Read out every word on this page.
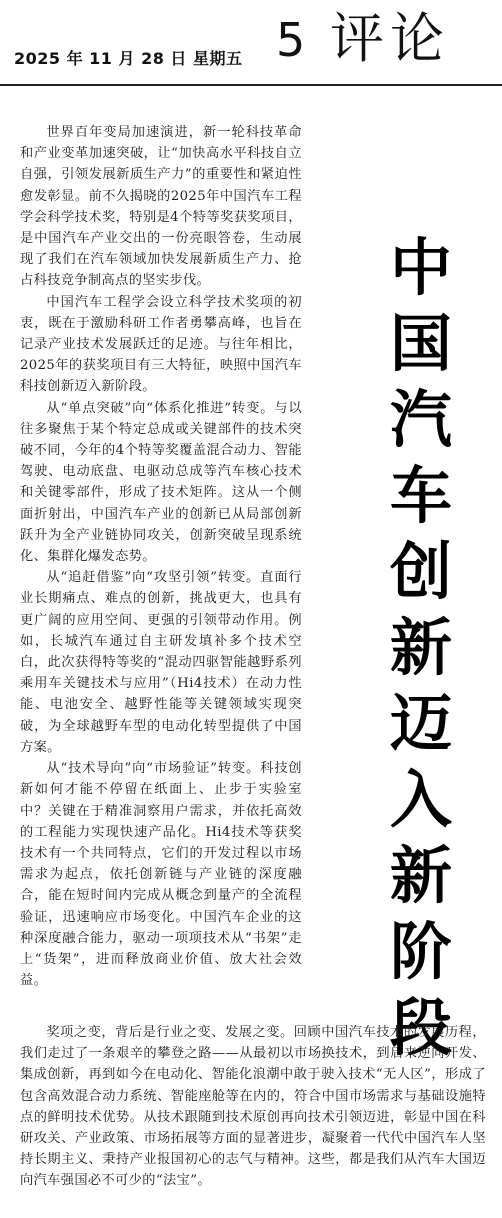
2025 年 11 月 28 日 星期五 5 评论
中国汽车创新迈入新阶段

世界百年变局加速演进，新一轮科技革命和产业变革加速突破，让“加快高水平科技自立自强，引领发展新质生产力”的重要性和紧迫性愈发彰显。前不久揭晓的2025年中国汽车工程学会科学技术奖，特别是4个特等奖获奖项目，是中国汽车产业交出的一份亮眼答卷，生动展现了我们在汽车领域加快发展新质生产力、抢占科技竞争制高点的坚实步伐。

中国汽车工程学会设立科学技术奖项的初衷，既在于激励科研工作者勇攀高峰，也旨在记录产业技术发展跃迁的足迹。与往年相比，2025年的获奖项目有三大特征，映照中国汽车科技创新迈入新阶段。

从“单点突破”向“体系化推进”转变。与以往多聚焦于某个特定总成或关键部件的技术突破不同，今年的4个特等奖覆盖混合动力、智能驾驶、电动底盘、电驱动总成等汽车核心技术和关键零部件，形成了技术矩阵。这从一个侧面折射出，中国汽车产业的创新已从局部创新跃升为全产业链协同攻关，创新突破呈现系统化、集群化爆发态势。

从“追赶借鉴”向“攻坚引领”转变。直面行业长期痛点、难点的创新，挑战更大，也具有更广阔的应用空间、更强的引领带动作用。例如，长城汽车通过自主研发填补多个技术空白，此次获得特等奖的“混动四驱智能越野系列乘用车关键技术与应用”（Hi4技术）在动力性能、电池安全、越野性能等关键领域实现突破，为全球越野车型的电动化转型提供了中国方案。

从“技术导向”向“市场验证”转变。科技创新如何才能不停留在纸面上、止步于实验室中？关键在于精准洞察用户需求，并依托高效的工程能力实现快速产品化。Hi4技术等获奖技术有一个共同特点，它们的开发过程以市场需求为起点，依托创新链与产业链的深度融合，能在短时间内完成从概念到量产的全流程验证，迅速响应市场变化。中国汽车企业的这种深度融合能力，驱动一项项技术从“书架”走上“货架”，进而释放商业价值、放大社会效益。

奖项之变，背后是行业之变、发展之变。回顾中国汽车技术的发展历程，我们走过了一条艰辛的攀登之路——从最初以市场换技术，到后来逆向开发、集成创新，再到如今在电动化、智能化浪潮中敢于驶入技术“无人区”，形成了包含高效混合动力系统、智能座舱等在内的，符合中国市场需求与基础设施特点的鲜明技术优势。从技术跟随到技术原创再向技术引领迈进，彰显中国在科研攻关、产业政策、市场拓展等方面的显著进步，凝聚着一代代中国汽车人坚持长期主义、秉持产业报国初心的志气与精神。这些，都是我们从汽车大国迈向汽车强国必不可少的“法宝”。
